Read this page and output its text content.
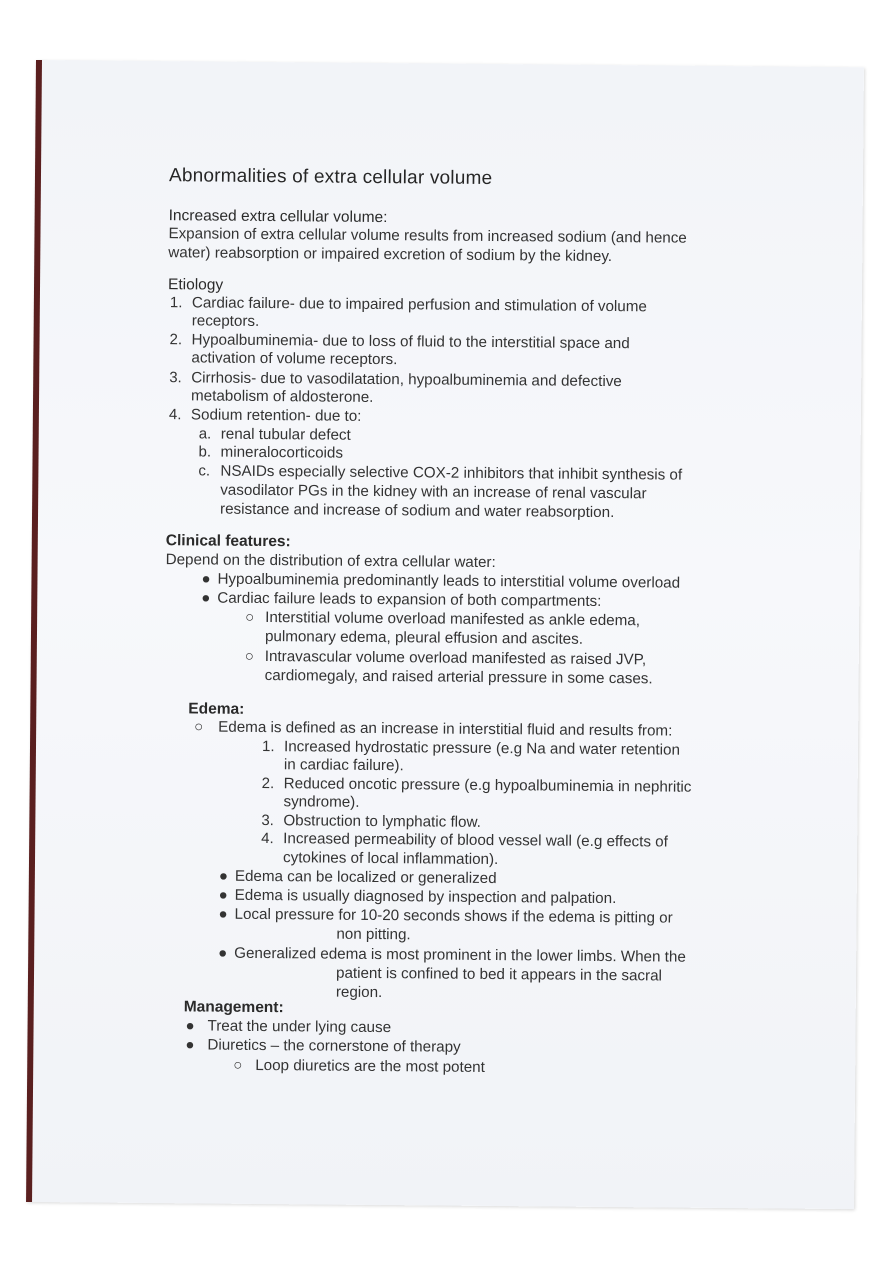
Abnormalities of extra cellular volume
Increased extra cellular volume:
Expansion of extra cellular volume results from increased sodium (and hence
water) reabsorption or impaired excretion of sodium by the kidney.
Etiology
1. Cardiac failure- due to impaired perfusion and stimulation of volume
receptors.
2. Hypoalbuminemia- due to loss of fluid to the interstitial space and
activation of volume receptors.
3. Cirrhosis- due to vasodilatation, hypoalbuminemia and defective
metabolism of aldosterone.
4. Sodium retention- due to:
a. renal tubular defect
b. mineralocorticoids
c. NSAIDs especially selective COX-2 inhibitors that inhibit synthesis of
vasodilator PGs in the kidney with an increase of renal vascular
resistance and increase of sodium and water reabsorption.
Clinical features:
Depend on the distribution of extra cellular water:
● Hypoalbuminemia predominantly leads to interstitial volume overload
● Cardiac failure leads to expansion of both compartments:
○ Interstitial volume overload manifested as ankle edema,
pulmonary edema, pleural effusion and ascites.
○ Intravascular volume overload manifested as raised JVP,
cardiomegaly, and raised arterial pressure in some cases.
Edema:
○ Edema is defined as an increase in interstitial fluid and results from:
1. Increased hydrostatic pressure (e.g Na and water retention
in cardiac failure).
2. Reduced oncotic pressure (e.g hypoalbuminemia in nephritic
syndrome).
3. Obstruction to lymphatic flow.
4. Increased permeability of blood vessel wall (e.g effects of
cytokines of local inflammation).
● Edema can be localized or generalized
● Edema is usually diagnosed by inspection and palpation.
● Local pressure for 10-20 seconds shows if the edema is pitting or
non pitting.
● Generalized edema is most prominent in the lower limbs. When the
patient is confined to bed it appears in the sacral
region.
Management:
● Treat the under lying cause
● Diuretics – the cornerstone of therapy
○ Loop diuretics are the most potent
